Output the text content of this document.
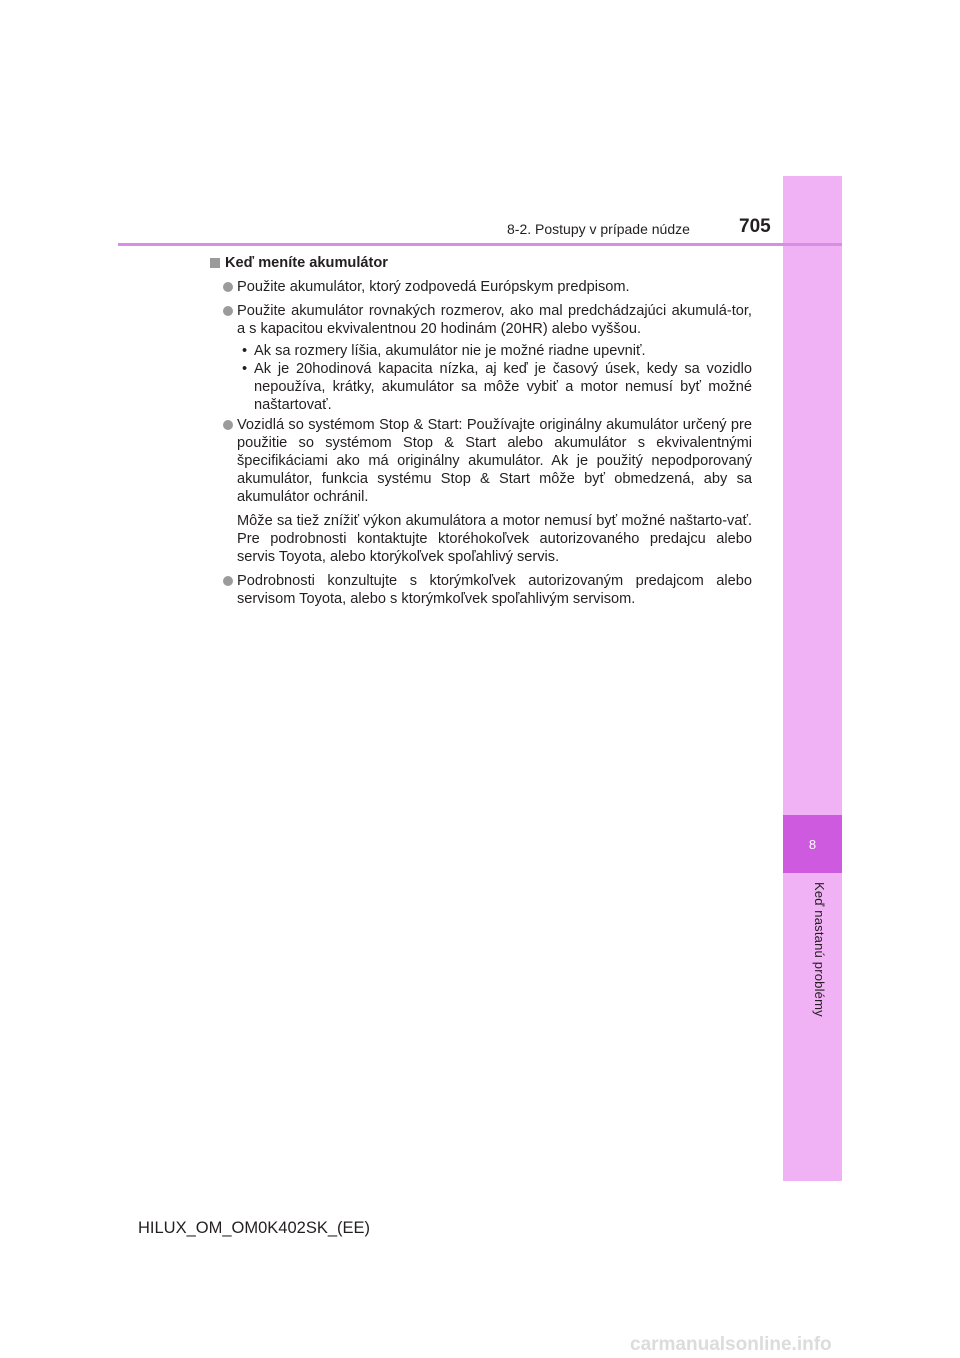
8
Keď nastanú problémy
8-2. Postupy v prípade núdze	705
Keď meníte akumulátor
Použite akumulátor, ktorý zodpovedá Európskym predpisom.
Použite akumulátor rovnakých rozmerov, ako mal predchádzajúci akumulá-tor, a s kapacitou ekvivalentnou 20 hodinám (20HR) alebo vyššou.
• Ak sa rozmery líšia, akumulátor nie je možné riadne upevniť.
• Ak je 20hodinová kapacita nízka, aj keď je časový úsek, kedy sa vozidlo nepoužíva, krátky, akumulátor sa môže vybiť a motor nemusí byť možné naštartovať.
Vozidlá so systémom Stop & Start: Používajte originálny akumulátor určený pre použitie so systémom Stop & Start alebo akumulátor s ekvivalentnými špecifikáciami ako má originálny akumulátor. Ak je použitý nepodporovaný akumulátor, funkcia systému Stop & Start môže byť obmedzená, aby sa akumulátor ochránil.
Môže sa tiež znížiť výkon akumulátora a motor nemusí byť možné naštarto-vať. Pre podrobnosti kontaktujte ktoréhokoľvek autorizovaného predajcu alebo servis Toyota, alebo ktorýkoľvek spoľahlivý servis.
Podrobnosti konzultujte s ktorýmkoľvek autorizovaným predajcom alebo servisom Toyota, alebo s ktorýmkoľvek spoľahlivým servisom.
HILUX_OM_OM0K402SK_(EE)
carmanualsonline.info
